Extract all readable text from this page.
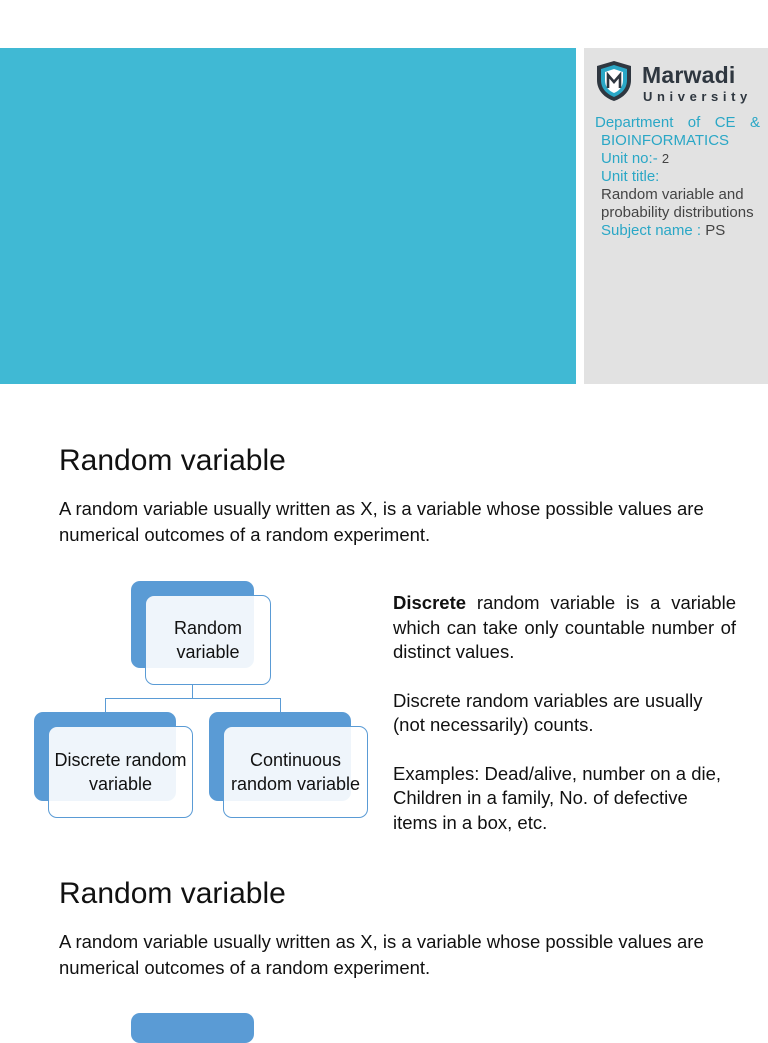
Marwadi
University
Department of CE &
BIOINFORMATICS
Unit no:- 2
Unit title:
Random variable and probability distributions
Subject name : PS
Random variable

A random variable usually written as X, is a variable whose possible values are numerical outcomes of a random experiment.

Random variable
Discrete random variable
Continuous random variable

Discrete random variable is a variable which can take only countable number of distinct values.

Discrete random variables are usually (not necessarily) counts.

Examples: Dead/alive, number on a die, Children in a family, No. of defective items in a box, etc.

Random variable

A random variable usually written as X, is a variable whose possible values are numerical outcomes of a random experiment.
